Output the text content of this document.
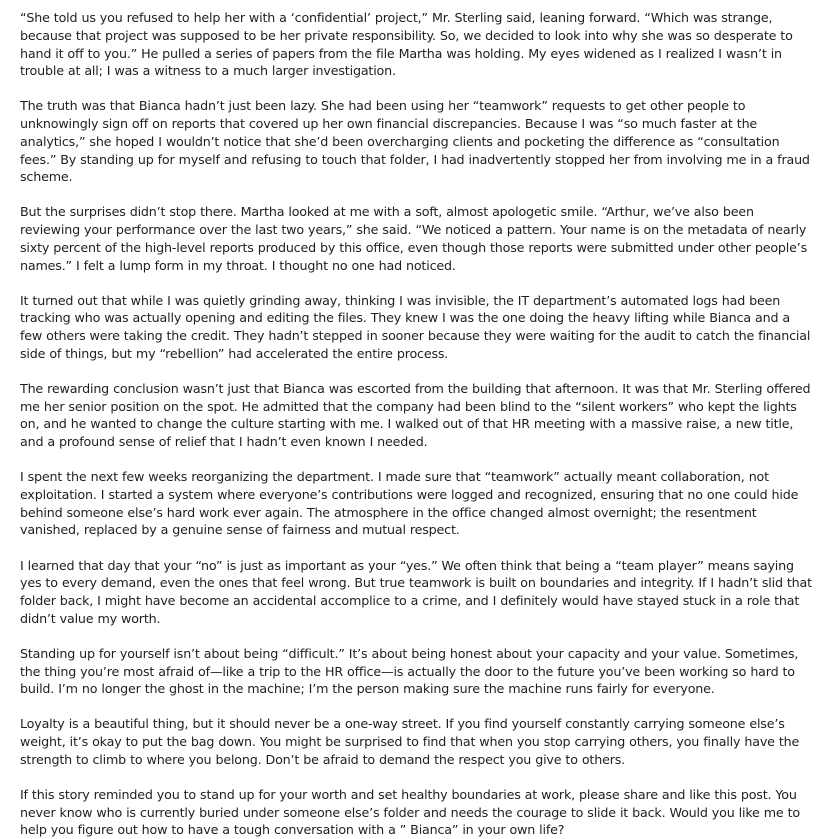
“She told us you refused to help her with a ‘confidential’ project,” Mr. Sterling said, leaning forward. “Which was strange, because that project was supposed to be her private responsibility. So, we decided to look into why she was so desperate to hand it off to you.” He pulled a series of papers from the file Martha was holding. My eyes widened as I realized I wasn’t in trouble at all; I was a witness to a much larger investigation.

The truth was that Bianca hadn’t just been lazy. She had been using her “teamwork” requests to get other people to unknowingly sign off on reports that covered up her own financial discrepancies. Because I was “so much faster at the analytics,” she hoped I wouldn’t notice that she’d been overcharging clients and pocketing the difference as “consultation fees.” By standing up for myself and refusing to touch that folder, I had inadvertently stopped her from involving me in a fraud scheme.

But the surprises didn’t stop there. Martha looked at me with a soft, almost apologetic smile. “Arthur, we’ve also been reviewing your performance over the last two years,” she said. “We noticed a pattern. Your name is on the metadata of nearly sixty percent of the high-level reports produced by this office, even though those reports were submitted under other people’s names.” I felt a lump form in my throat. I thought no one had noticed.

It turned out that while I was quietly grinding away, thinking I was invisible, the IT department’s automated logs had been tracking who was actually opening and editing the files. They knew I was the one doing the heavy lifting while Bianca and a few others were taking the credit. They hadn’t stepped in sooner because they were waiting for the audit to catch the financial side of things, but my “rebellion” had accelerated the entire process.

The rewarding conclusion wasn’t just that Bianca was escorted from the building that afternoon. It was that Mr. Sterling offered me her senior position on the spot. He admitted that the company had been blind to the “silent workers” who kept the lights on, and he wanted to change the culture starting with me. I walked out of that HR meeting with a massive raise, a new title, and a profound sense of relief that I hadn’t even known I needed.

I spent the next few weeks reorganizing the department. I made sure that “teamwork” actually meant collaboration, not exploitation. I started a system where everyone’s contributions were logged and recognized, ensuring that no one could hide behind someone else’s hard work ever again. The atmosphere in the office changed almost overnight; the resentment vanished, replaced by a genuine sense of fairness and mutual respect.

I learned that day that your “no” is just as important as your “yes.” We often think that being a “team player” means saying yes to every demand, even the ones that feel wrong. But true teamwork is built on boundaries and integrity. If I hadn’t slid that folder back, I might have become an accidental accomplice to a crime, and I definitely would have stayed stuck in a role that didn’t value my worth.

Standing up for yourself isn’t about being “difficult.” It’s about being honest about your capacity and your value. Sometimes, the thing you’re most afraid of—like a trip to the HR office—is actually the door to the future you’ve been working so hard to build. I’m no longer the ghost in the machine; I’m the person making sure the machine runs fairly for everyone.

Loyalty is a beautiful thing, but it should never be a one-way street. If you find yourself constantly carrying someone else’s weight, it’s okay to put the bag down. You might be surprised to find that when you stop carrying others, you finally have the strength to climb to where you belong. Don’t be afraid to demand the respect you give to others.

If this story reminded you to stand up for your worth and set healthy boundaries at work, please share and like this post. You never know who is currently buried under someone else’s folder and needs the courage to slide it back. Would you like me to help you figure out how to have a tough conversation with a ” Bianca” in your own life?
